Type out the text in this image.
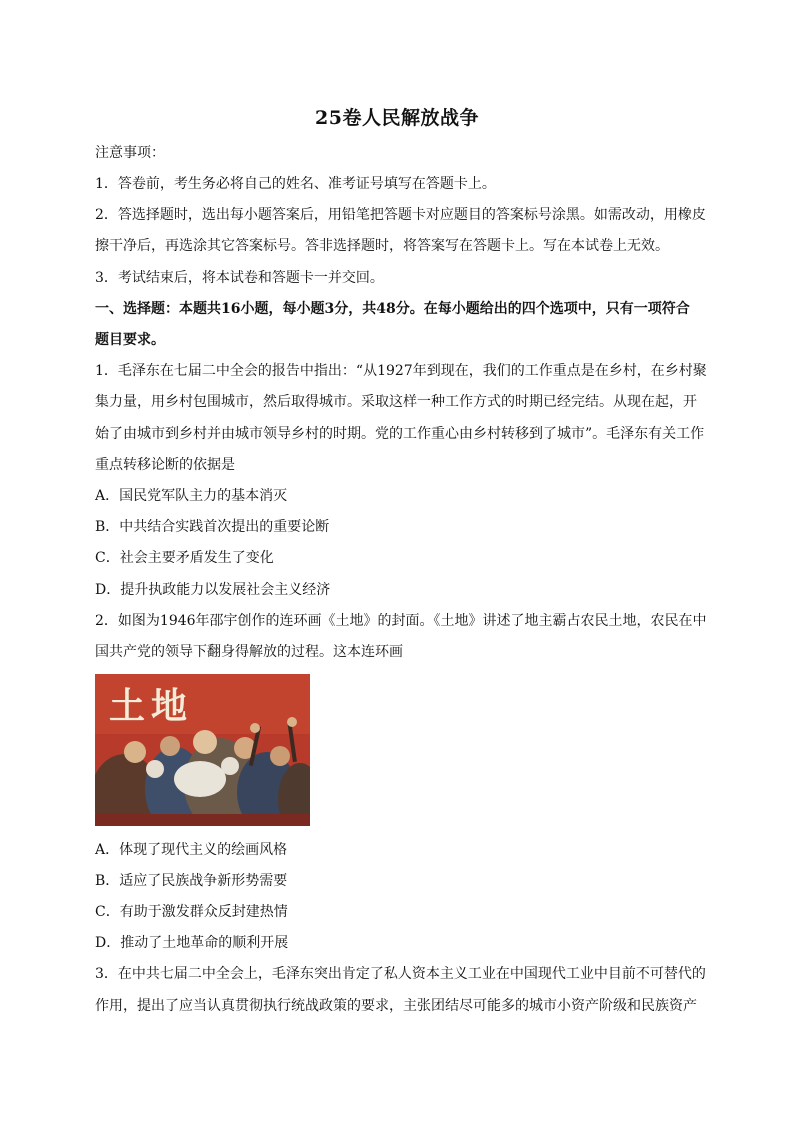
25卷人民解放战争
注意事项：
1．答卷前，考生务必将自己的姓名、准考证号填写在答题卡上。
2．答选择题时，选出每小题答案后，用铅笔把答题卡对应题目的答案标号涂黑。如需改动，用橡皮
擦干净后，再选涂其它答案标号。答非选择题时，将答案写在答题卡上。写在本试卷上无效。
3．考试结束后，将本试卷和答题卡一并交回。
一、选择题：本题共16小题，每小题3分，共48分。在每小题给出的四个选项中，只有一项符合
题目要求。
1．毛泽东在七届二中全会的报告中指出：“从1927年到现在，我们的工作重点是在乡村，在乡村聚
集力量，用乡村包围城市，然后取得城市。采取这样一种工作方式的时期已经完结。从现在起，开
始了由城市到乡村并由城市领导乡村的时期。党的工作重心由乡村转移到了城市”。毛泽东有关工作
重点转移论断的依据是
A．国民党军队主力的基本消灭
B．中共结合实践首次提出的重要论断
C．社会主要矛盾发生了变化
D．提升执政能力以发展社会主义经济
2．如图为1946年邵宇创作的连环画《土地》的封面。《土地》讲述了地主霸占农民土地，农民在中
国共产党的领导下翻身得解放的过程。这本连环画
土地
A．体现了现代主义的绘画风格
B．适应了民族战争新形势需要
C．有助于激发群众反封建热情
D．推动了土地革命的顺利开展
3．在中共七届二中全会上，毛泽东突出肯定了私人资本主义工业在中国现代工业中目前不可替代的
作用，提出了应当认真贯彻执行统战政策的要求，主张团结尽可能多的城市小资产阶级和民族资产
